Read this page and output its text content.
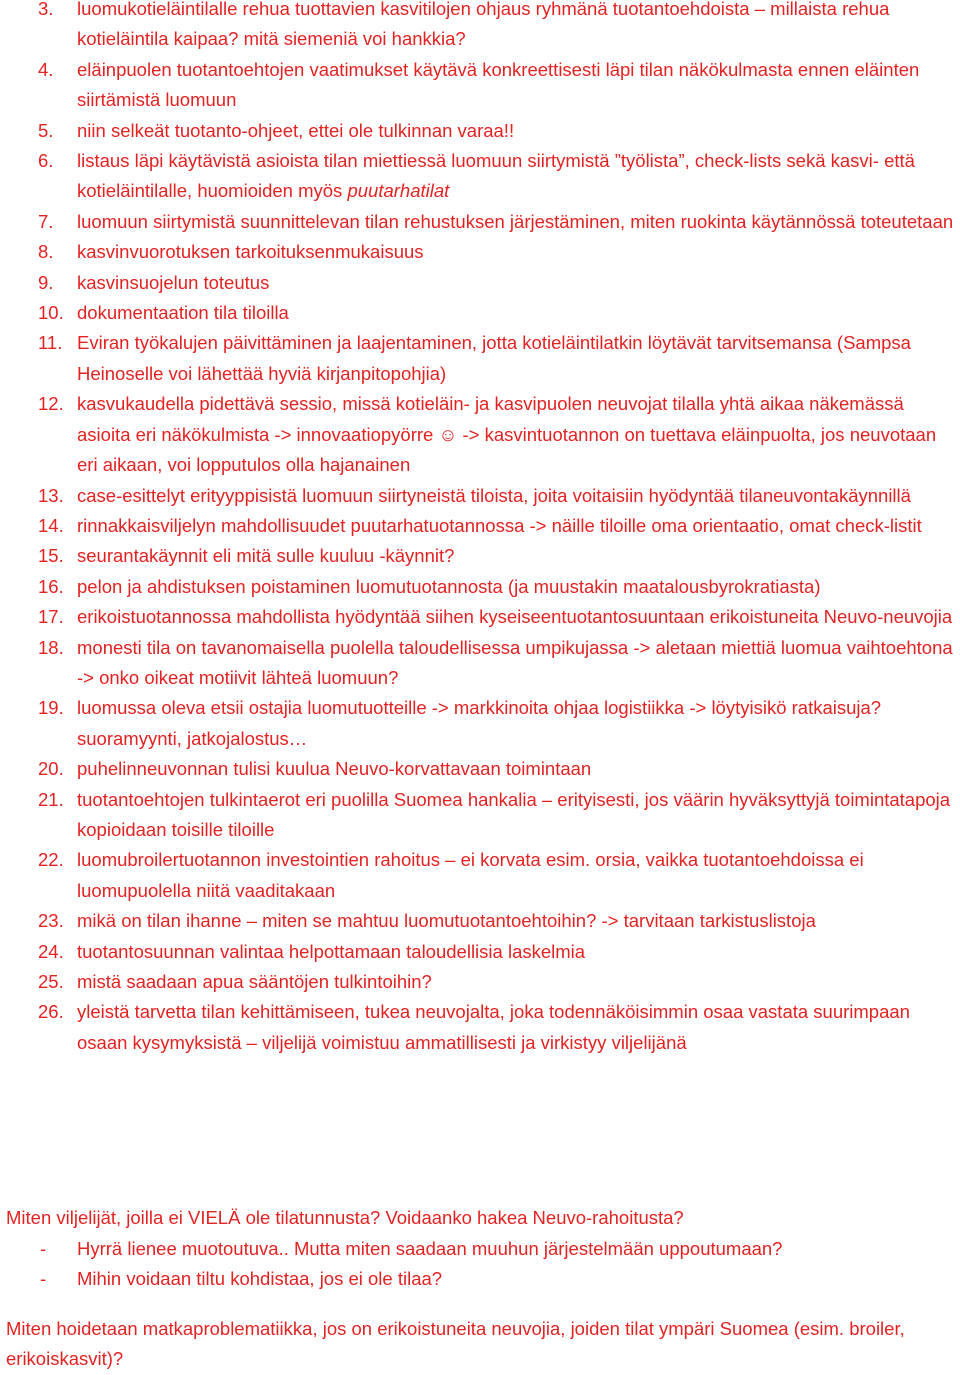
3. luomukotieläintilalle rehua tuottavien kasvitilojen ohjaus ryhmänä tuotantoehdoista – millaista rehua kotieläintila kaipaa? mitä siemeniä voi hankkia?
4. eläinpuolen tuotantoehtojen vaatimukset käytävä konkreettisesti läpi tilan näkökulmasta ennen eläinten siirtämistä luomuun
5. niin selkeät tuotanto-ohjeet, ettei ole tulkinnan varaa!!
6. listaus läpi käytävistä asioista tilan miettiessä luomuun siirtymistä ”työlista”, check-lists sekä kasvi- että kotieläintilalle, huomioiden myös puutarhatilat
7. luomuun siirtymistä suunnittelevan tilan rehustuksen järjestäminen, miten ruokinta käytännössä toteutetaan
8. kasvinvuorotuksen tarkoituksenmukaisuus
9. kasvinsuojelun toteutus
10. dokumentaation tila tiloilla
11. Eviran työkalujen päivittäminen ja laajentaminen, jotta kotieläintilatkin löytävät tarvitsemansa (Sampsa Heinoselle voi lähettää hyviä kirjanpitopohjia)
12. kasvukaudella pidettävä sessio, missä kotieläin- ja kasvipuolen neuvojat tilalla yhtä aikaa näkemässä asioita eri näkökulmista -> innovaatiopyörre ☺ -> kasvintuotannon on tuettava eläinpuolta, jos neuvotaan eri aikaan, voi lopputulos olla hajanainen
13. case-esittelyt erityyppisistä luomuun siirtyneistä tiloista, joita voitaisiin hyödyntää tilaneuvontakäynnillä
14. rinnakkaisviljelyn mahdollisuudet puutarhatuotannossa -> näille tiloille oma orientaatio, omat check-listit
15. seurantakäynnit eli mitä sulle kuuluu -käynnit?
16. pelon ja ahdistuksen poistaminen luomutuotannosta (ja muustakin maatalousbyrokratiasta)
17. erikoistuotannossa mahdollista hyödyntää siihen kyseiseentuotantosuuntaan erikoistuneita Neuvo-neuvojia
18. monesti tila on tavanomaisella puolella taloudellisessa umpikujassa -> aletaan miettiä luomua vaihtoehtona -> onko oikeat motiivit lähteä luomuun?
19. luomussa oleva etsii ostajia luomutuotteille -> markkinoita ohjaa logistiikka -> löytyisikö ratkaisuja? suoramyynti, jatkojalostus…
20. puhelinneuvonnan tulisi kuulua Neuvo-korvattavaan toimintaan
21. tuotantoehtojen tulkintaerot eri puolilla Suomea hankalia – erityisesti, jos väärin hyväksyttyjä toimintatapoja kopioidaan toisille tiloille
22. luomubroilertuotannon investointien rahoitus – ei korvata esim. orsia, vaikka tuotantoehdoissa ei luomupuolella niitä vaaditakaan
23. mikä on tilan ihanne – miten se mahtuu luomutuotantoehtoihin? -> tarvitaan tarkistuslistoja
24. tuotantosuunnan valintaa helpottamaan taloudellisia laskelmia
25. mistä saadaan apua sääntöjen tulkintoihin?
26. yleistä tarvetta tilan kehittämiseen, tukea neuvojalta, joka todennäköisimmin osaa vastata suurimpaan osaan kysymyksistä – viljelijä voimistuu ammatillisesti ja virkistyy viljelijänä

Miten viljelijät, joilla ei VIELÄ ole tilatunnusta? Voidaanko hakea Neuvo-rahoitusta?

- Hyrrä lienee muotoutuva.. Mutta miten saadaan muuhun järjestelmään uppoutumaan?
- Mihin voidaan tiltu kohdistaa, jos ei ole tilaa?

Miten hoidetaan matkaproblematiikka, jos on erikoistuneita neuvojia, joiden tilat ympäri Suomea (esim. broiler, erikoiskasvit)?
